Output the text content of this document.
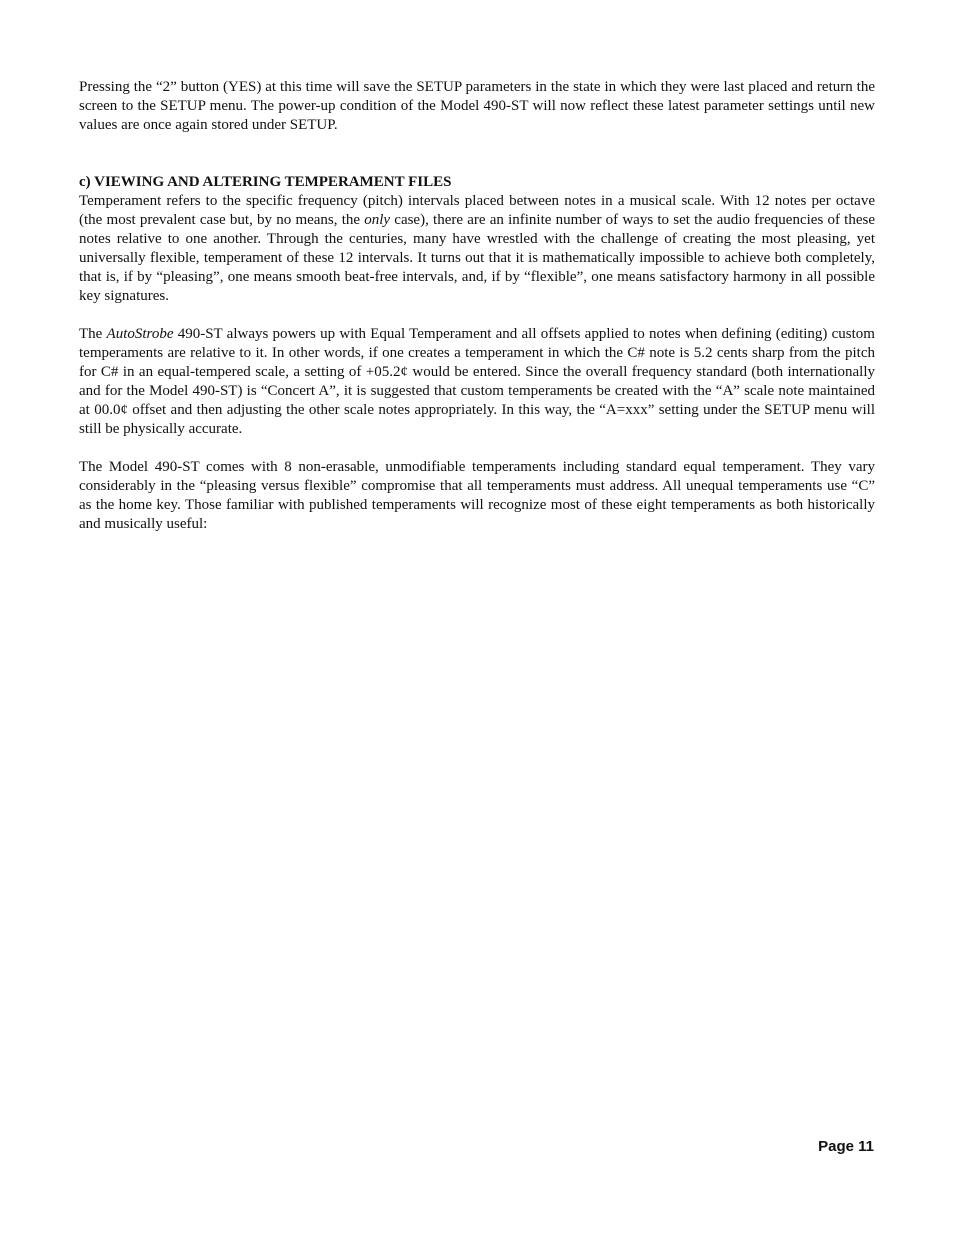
Pressing the “2” button (YES) at this time will save the SETUP parameters in the state in which they were last placed and return the screen to the SETUP menu. The power-up condition of the Model 490-ST will now reflect these latest parameter settings until new values are once again stored under SETUP.

c) VIEWING AND ALTERING TEMPERAMENT FILES

Temperament refers to the specific frequency (pitch) intervals placed between notes in a musical scale. With 12 notes per octave (the most prevalent case but, by no means, the only case), there are an infinite number of ways to set the audio frequencies of these notes relative to one another. Through the centuries, many have wrestled with the challenge of creating the most pleasing, yet universally flexible, temperament of these 12 intervals. It turns out that it is mathematically impossible to achieve both completely, that is, if by “pleasing”, one means smooth beat-free intervals, and, if by “flexible”, one means satisfactory harmony in all possible key signatures.

The AutoStrobe 490-ST always powers up with Equal Temperament and all offsets applied to notes when defining (editing) custom temperaments are relative to it. In other words, if one creates a temperament in which the C# note is 5.2 cents sharp from the pitch for C# in an equal-tempered scale, a setting of +05.2¢ would be entered. Since the overall frequency standard (both internationally and for the Model 490-ST) is “Concert A”, it is suggested that custom temperaments be created with the “A” scale note maintained at 00.0¢ offset and then adjusting the other scale notes appropriately. In this way, the “A=xxx” setting under the SETUP menu will still be physically accurate.

The Model 490-ST comes with 8 non-erasable, unmodifiable temperaments including standard equal temperament. They vary considerably in the “pleasing versus flexible” compromise that all temperaments must address. All unequal temperaments use “C” as the home key. Those familiar with published temperaments will recognize most of these eight temperaments as both historically and musically useful:

Page 11
